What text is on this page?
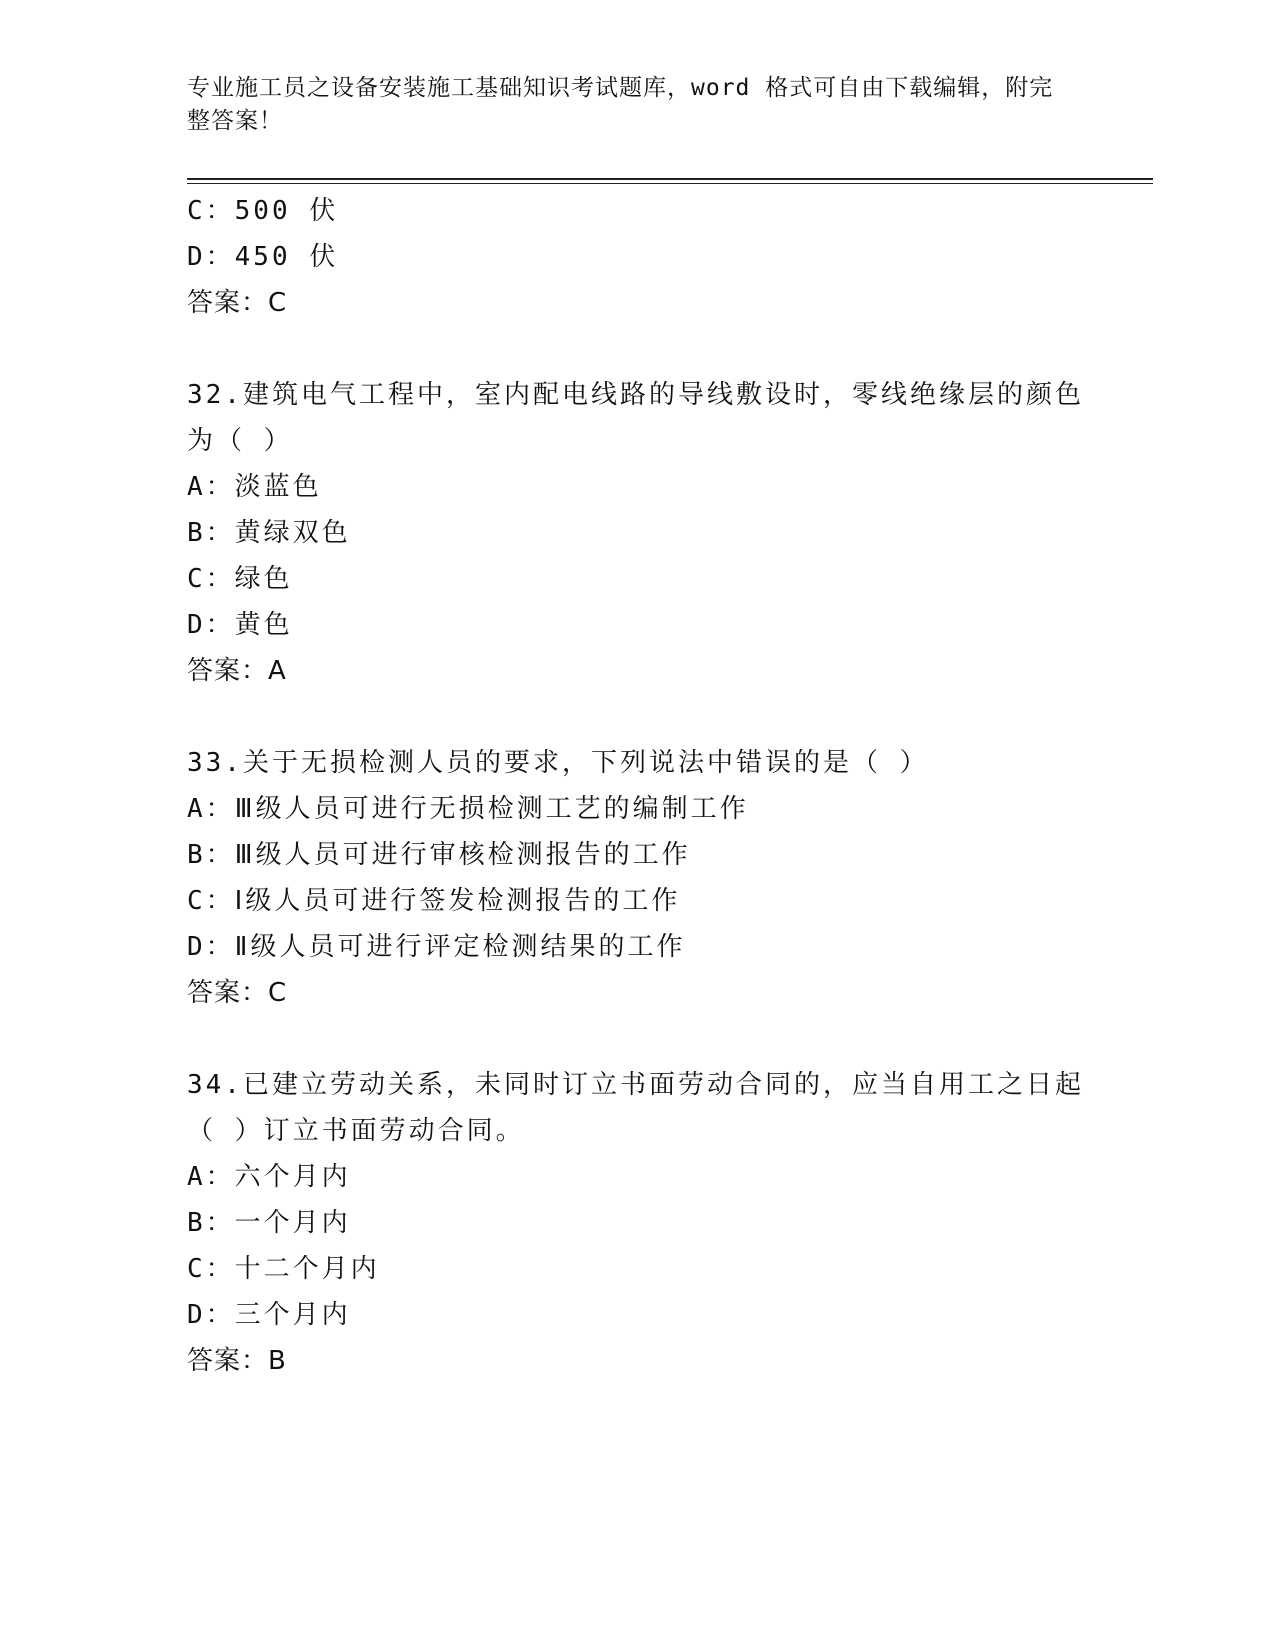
专业施工员之设备安装施工基础知识考试题库，word 格式可自由下载编辑，附完整答案！
C：500 伏
D：450 伏
答案：C
32.建筑电气工程中，室内配电线路的导线敷设时，零线绝缘层的颜色
为（ ）
A：淡蓝色
B：黄绿双色
C：绿色
D：黄色
答案：A
33.关于无损检测人员的要求，下列说法中错误的是（ ）
A：Ⅲ级人员可进行无损检测工艺的编制工作
B：Ⅲ级人员可进行审核检测报告的工作
C：Ⅰ级人员可进行签发检测报告的工作
D：Ⅱ级人员可进行评定检测结果的工作
答案：C
34.已建立劳动关系，未同时订立书面劳动合同的，应当自用工之日起
（ ）订立书面劳动合同。
A：六个月内
B：一个月内
C：十二个月内
D：三个月内
答案：B
